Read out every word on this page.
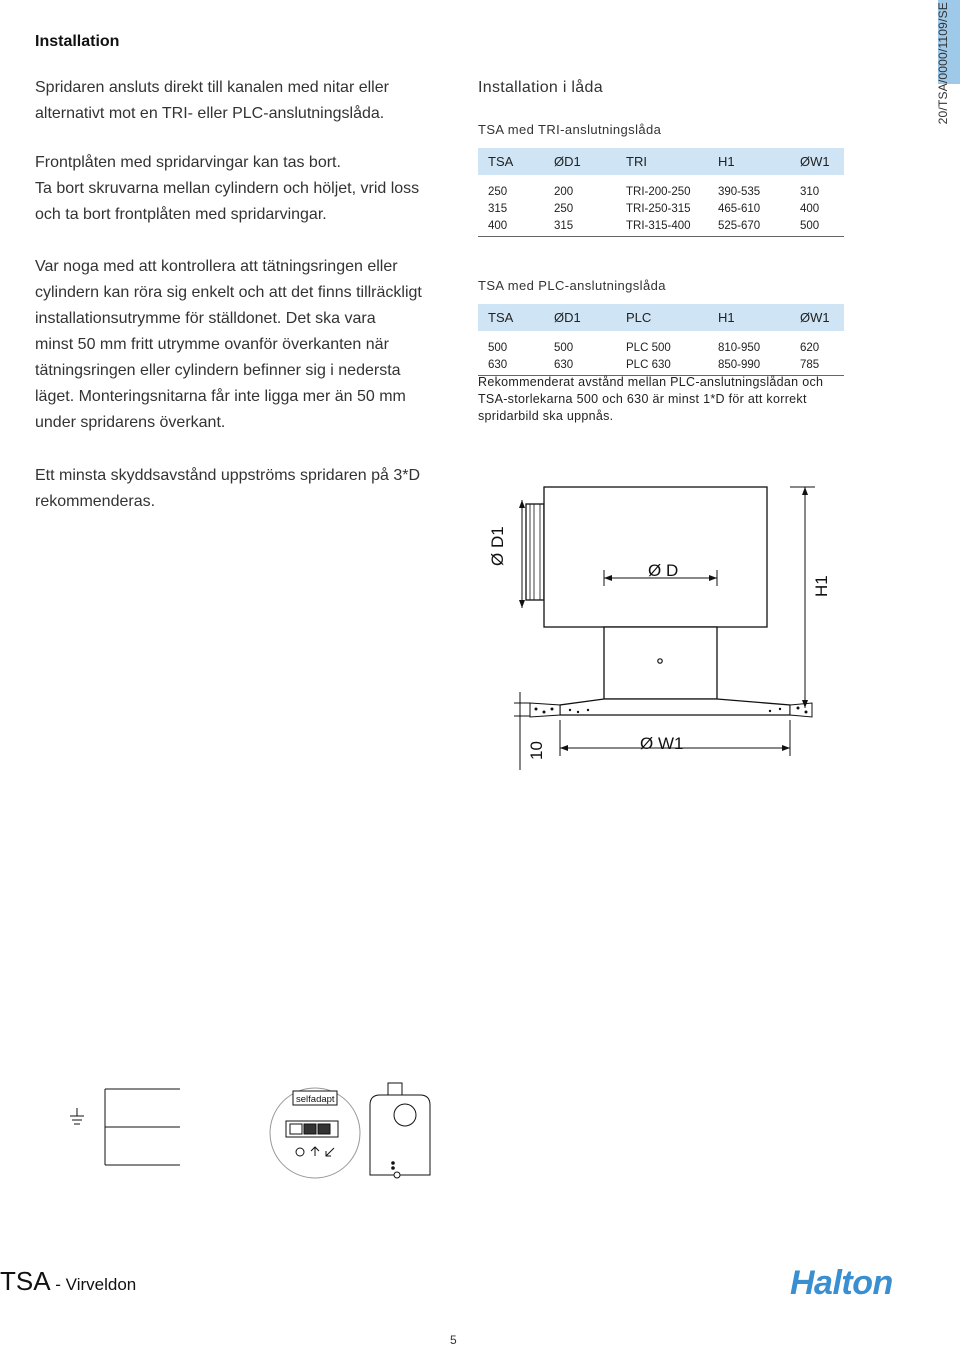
Installation

Spridaren ansluts direkt till kanalen med nitar eller

alternativt mot en TRI- eller PLC-anslutningslåda.

Frontplåten med spridarvingar kan tas bort.

Ta bort skruvarna mellan cylindern och höljet, vrid loss

och ta bort frontplåten med spridarvingar.

Var noga med att kontrollera att tätningsringen eller

cylindern kan röra sig enkelt och att det finns tillräckligt

installationsutrymme för ställdonet. Det ska vara

minst 50 mm fritt utrymme ovanför överkanten när

tätningsringen eller cylindern befinner sig i nedersta

läget. Monteringsnitarna får inte ligga mer än 50 mm

under spridarens överkant.

Ett minsta skyddsavstånd uppströms spridaren på 3*D

rekommenderas.

20/TSA/0000/1109/SE
Installation i låda
TSA med TRI-anslutningslåda
TSA	ØD1	TRI	H1	ØW1
250	200	TRI-200-250	390-535	310
315	250	TRI-250-315	465-610	400
400	315	TRI-315-400	525-670	500
TSA med PLC-anslutningslåda
TSA	ØD1	PLC	H1	ØW1
500	500	PLC 500	810-950	620
630	630	PLC 630	850-990	785
Rekommenderat avstånd mellan PLC-anslutningslådan och
TSA-storlekarna 500 och 630 är minst 1*D för att korrekt
spridarbild ska uppnås.
Ø D1
Ø D
H1
10	Ø W1
selfadapt
TSA - Virveldon	Halton
5
